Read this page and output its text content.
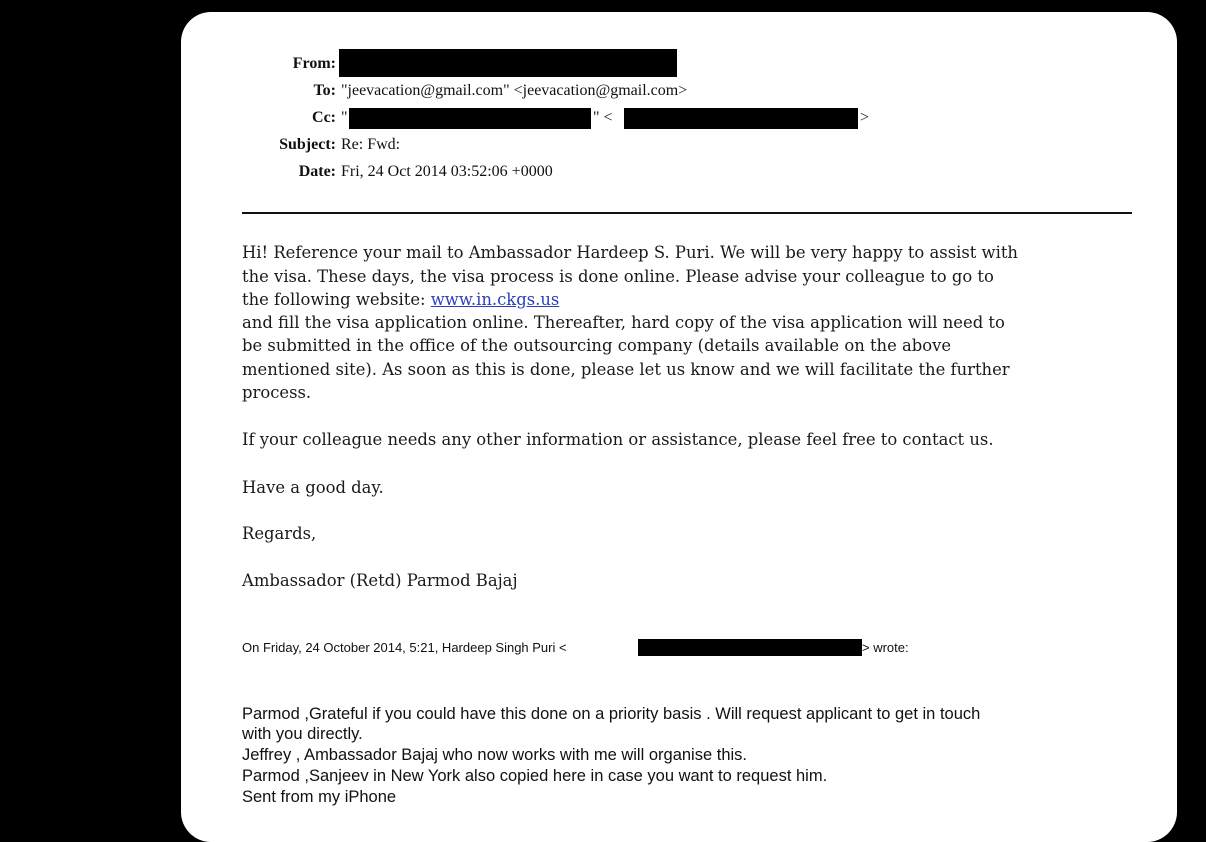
From:
To: "jeevacation@gmail.com" <jeevacation@gmail.com>
Cc: "	" <	>
Subject: Re: Fwd:
Date: Fri, 24 Oct 2014 03:52:06 +0000
Hi! Reference your mail to Ambassador Hardeep S. Puri. We will be very happy to assist with
the visa. These days, the visa process is done online. Please advise your colleague to go to
the following website: www.in.ckgs.us
and fill the visa application online. Thereafter, hard copy of the visa application will need to
be submitted in the office of the outsourcing company (details available on the above
mentioned site). As soon as this is done, please let us know and we will facilitate the further
process.
If your colleague needs any other information or assistance, please feel free to contact us.
Have a good day.
Regards,
Ambassador (Retd) Parmod Bajaj
On Friday, 24 October 2014, 5:21, Hardeep Singh Puri <	> wrote:
Parmod ,Grateful if you could have this done on a priority basis . Will request applicant to get in touch
with you directly.
Jeffrey , Ambassador Bajaj who now works with me will organise this.
Parmod ,Sanjeev in New York also copied here in case you want to request him.
Sent from my iPhone
